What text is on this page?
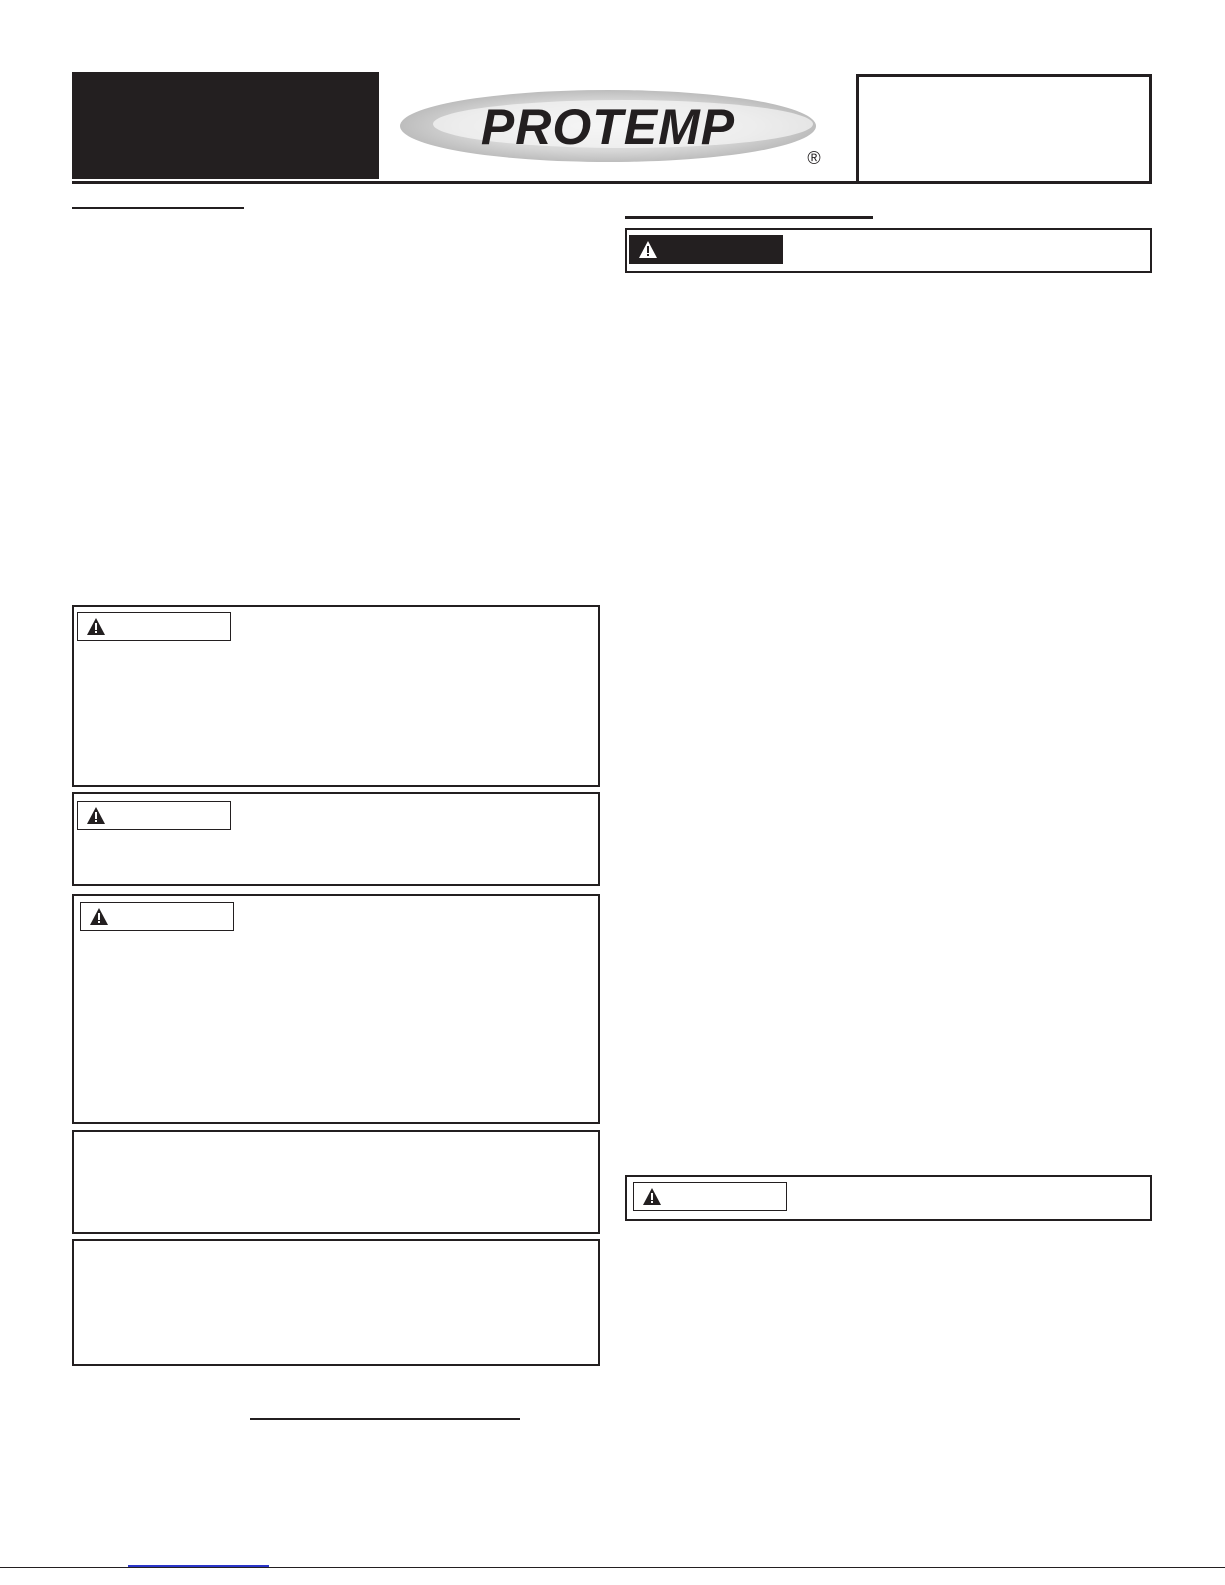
PROTEMP
®
